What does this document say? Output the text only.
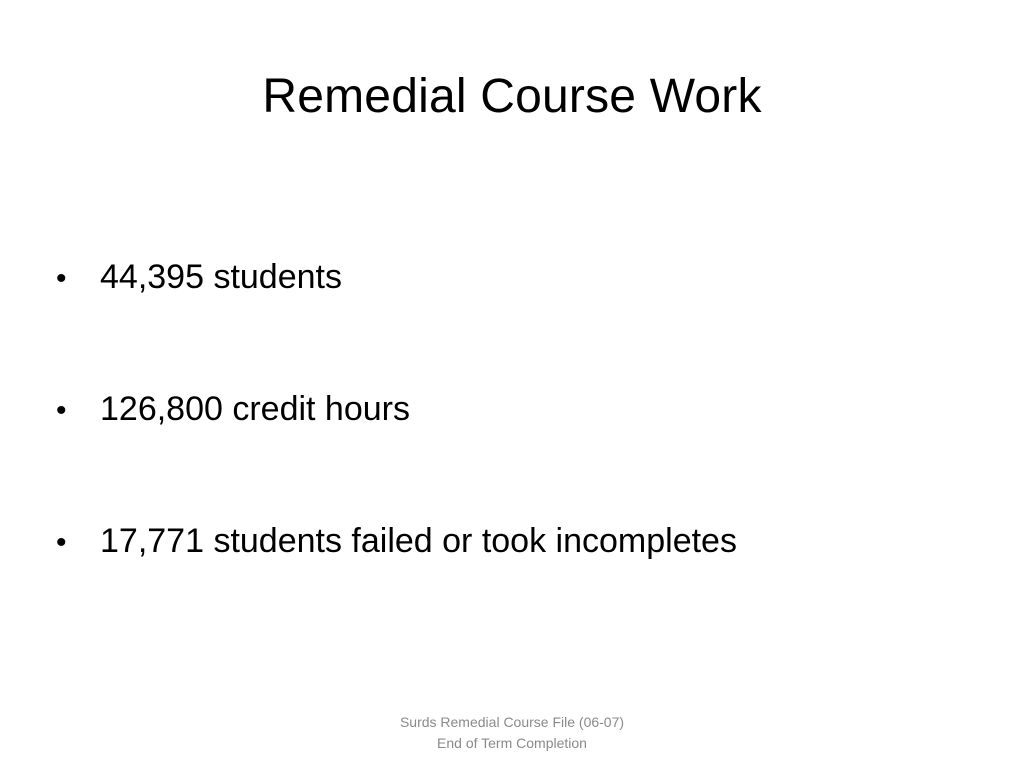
Remedial Course Work
• 44,395 students
• 126,800 credit hours
• 17,771 students failed or took incompletes
Surds Remedial Course File (06-07)
End of Term Completion
